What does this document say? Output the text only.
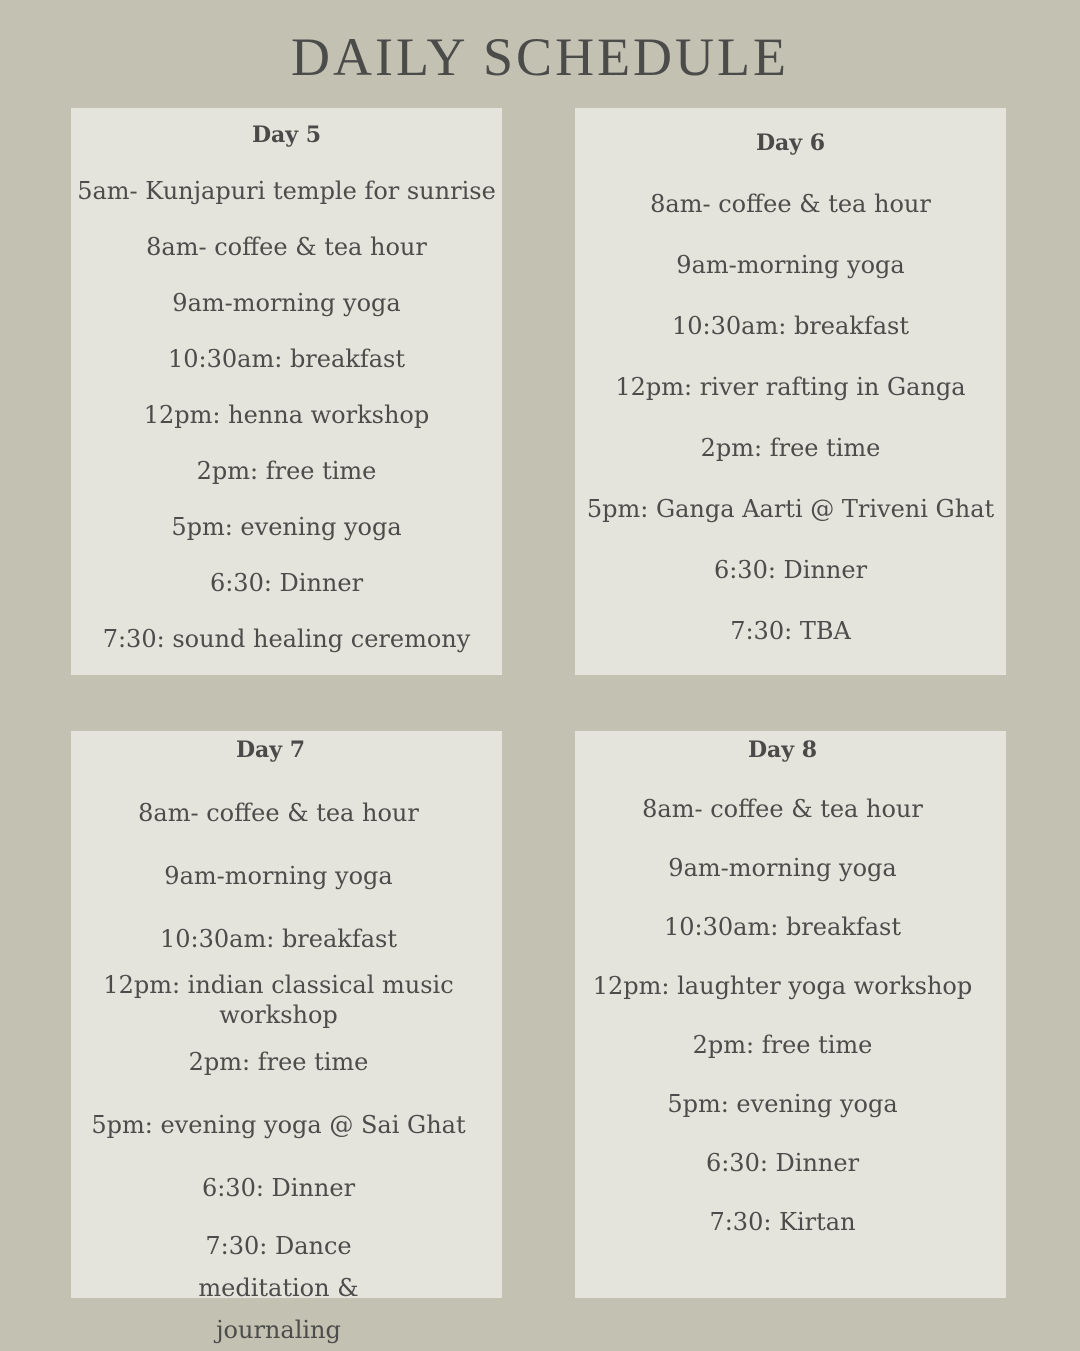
DAILY SCHEDULE
Day 5
5am- Kunjapuri temple for sunrise
8am- coffee & tea hour
9am-morning yoga
10:30am: breakfast
12pm: henna workshop
2pm: free time
5pm: evening yoga
6:30: Dinner
7:30: sound healing ceremony
Day 6
8am- coffee & tea hour
9am-morning yoga
10:30am: breakfast
12pm: river rafting in Ganga
2pm: free time
5pm: Ganga Aarti @ Triveni Ghat
6:30: Dinner
7:30: TBA
Day 7
8am- coffee & tea hour
9am-morning yoga
10:30am: breakfast
12pm: indian classical music workshop
2pm: free time
5pm: evening yoga @ Sai Ghat
6:30: Dinner
7:30: Dance meditation & journaling
Day 8
8am- coffee & tea hour
9am-morning yoga
10:30am: breakfast
12pm: laughter yoga workshop
2pm: free time
5pm: evening yoga
6:30: Dinner
7:30: Kirtan
